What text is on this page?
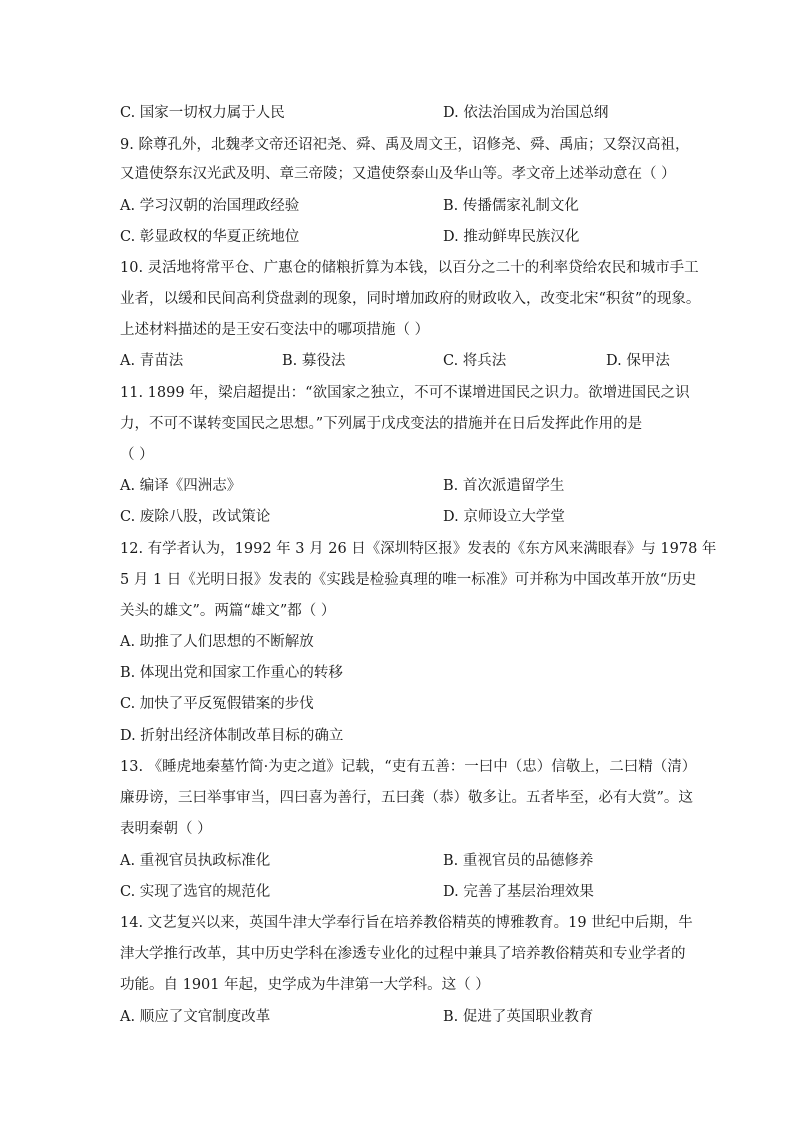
C. 国家一切权力属于人民	D. 依法治国成为治国总纲
9. 除尊孔外，北魏孝文帝还诏祀尧、舜、禹及周文王，诏修尧、舜、禹庙；又祭汉高祖，
又遣使祭东汉光武及明、章三帝陵；又遣使祭泰山及华山等。孝文帝上述举动意在（ ）
A. 学习汉朝的治国理政经验	B. 传播儒家礼制文化
C. 彰显政权的华夏正统地位	D. 推动鲜卑民族汉化
10. 灵活地将常平仓、广惠仓的储粮折算为本钱，以百分之二十的利率贷给农民和城市手工
业者，以缓和民间高利贷盘剥的现象，同时增加政府的财政收入，改变北宋“积贫”的现象。
上述材料描述的是王安石变法中的哪项措施（ ）
A. 青苗法	B. 募役法	C. 将兵法	D. 保甲法
11. 1899 年，梁启超提出：“欲国家之独立，不可不谋增进国民之识力。欲增进国民之识
力，不可不谋转变国民之思想。”下列属于戊戌变法的措施并在日后发挥此作用的是
（ ）
A. 编译《四洲志》	B. 首次派遣留学生
C. 废除八股，改试策论	D. 京师设立大学堂
12. 有学者认为，1992 年 3 月 26 日《深圳特区报》发表的《东方风来满眼春》与 1978 年
5 月 1 日《光明日报》发表的《实践是检验真理的唯一标准》可并称为中国改革开放“历史
关头的雄文”。两篇“雄文”都（ ）
A. 助推了人们思想的不断解放
B. 体现出党和国家工作重心的转移
C. 加快了平反冤假错案的步伐
D. 折射出经济体制改革目标的确立
13. 《睡虎地秦墓竹简·为吏之道》记载，“吏有五善：一曰中（忠）信敬上，二曰精（清）
廉毋谤，三曰举事审当，四曰喜为善行，五曰龚（恭）敬多让。五者毕至，必有大赏”。这
表明秦朝（ ）
A. 重视官员执政标准化	B. 重视官员的品德修养
C. 实现了选官的规范化	D. 完善了基层治理效果
14. 文艺复兴以来，英国牛津大学奉行旨在培养教俗精英的博雅教育。19 世纪中后期，牛
津大学推行改革，其中历史学科在渗透专业化的过程中兼具了培养教俗精英和专业学者的
功能。自 1901 年起，史学成为牛津第一大学科。这（ ）
A. 顺应了文官制度改革	B. 促进了英国职业教育
